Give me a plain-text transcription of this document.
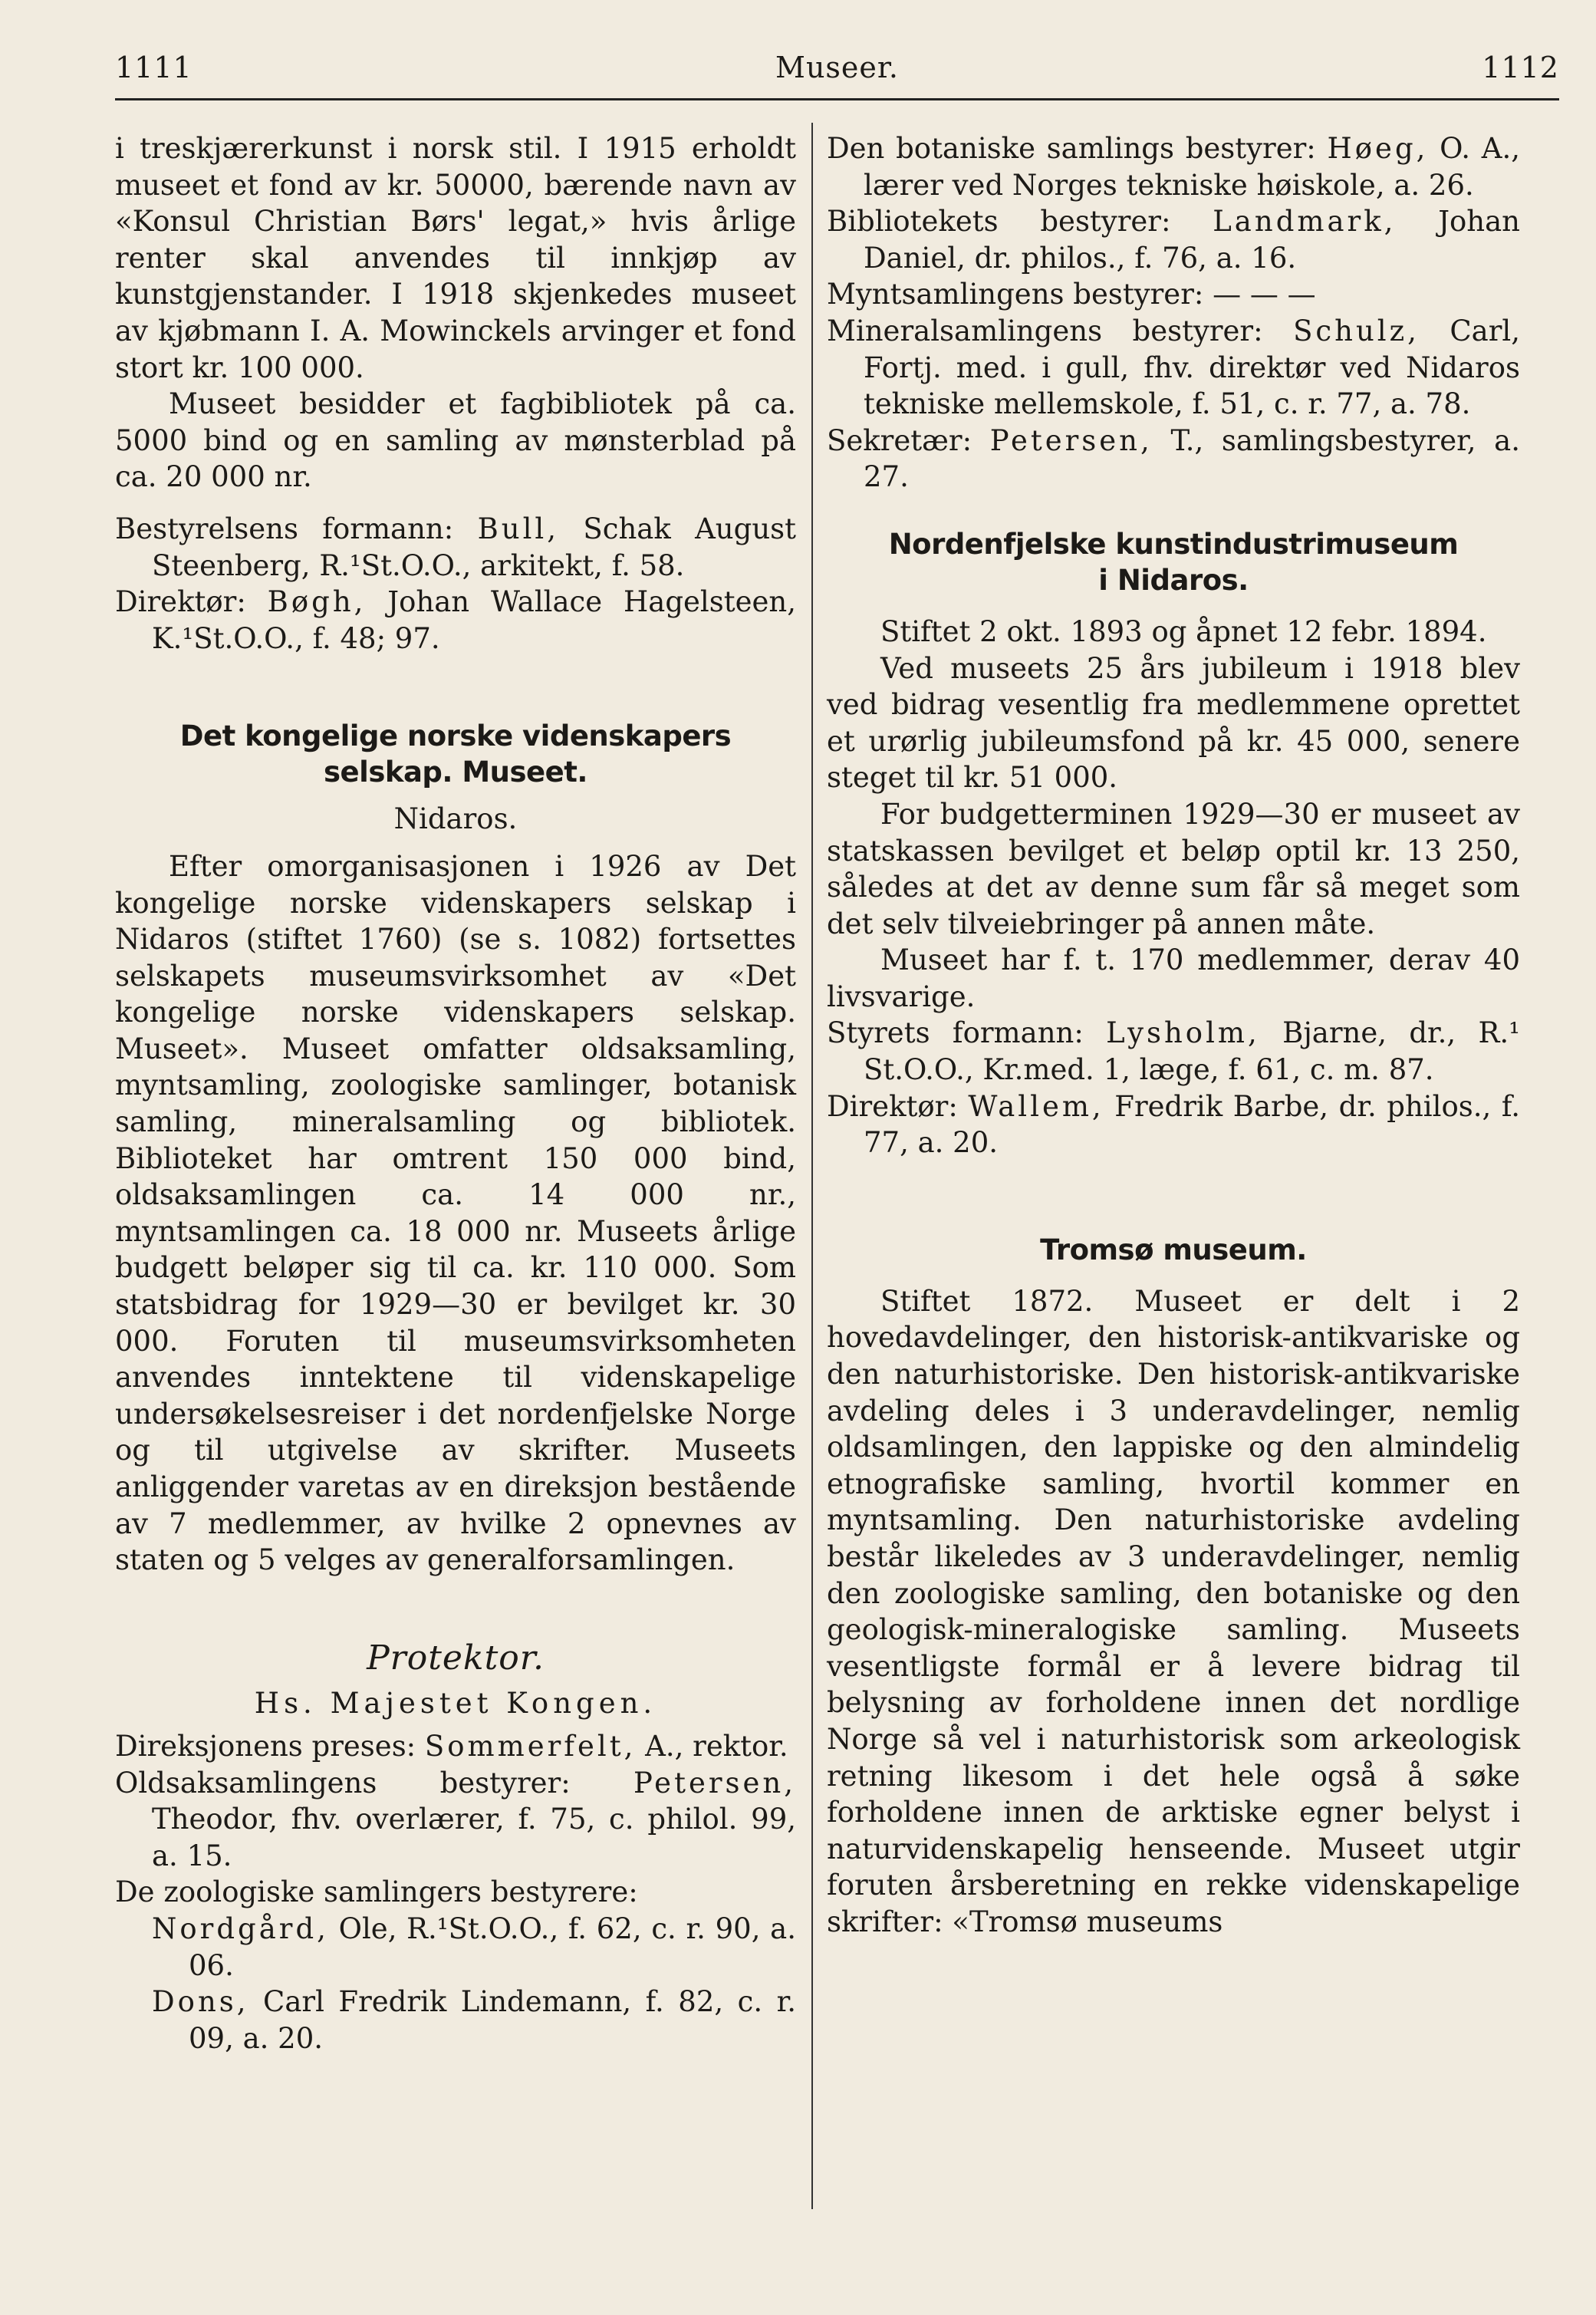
1111	Museer.	1112

i treskjærerkunst i norsk stil. I 1915 erholdt museet et fond av kr. 50000, bærende navn av «Konsul Christian Børs' legat,» hvis årlige renter skal anvendes til innkjøp av kunstgjenstander. I 1918 skjenkedes museet av kjøbmann I. A. Mowinckels arvinger et fond stort kr. 100 000.

Museet besidder et fagbibliotek på ca. 5000 bind og en samling av mønsterblad på ca. 20 000 nr.

Bestyrelsens formann: Bull, Schak August Steenberg, R.¹St.O.O., arkitekt, f. 58.

Direktør: Bøgh, Johan Wallace Hagelsteen, K.¹St.O.O., f. 48; 97.

Det kongelige norske videnskapers selskap. Museet.

Nidaros.

Efter omorganisasjonen i 1926 av Det kongelige norske videnskapers selskap i Nidaros (stiftet 1760) (se s. 1082) fortsettes selskapets museumsvirksomhet av «Det kongelige norske videnskapers selskap. Museet». Museet omfatter oldsaksamling, myntsamling, zoologiske samlinger, botanisk samling, mineralsamling og bibliotek. Biblioteket har omtrent 150 000 bind, oldsaksamlingen ca. 14 000 nr., myntsamlingen ca. 18 000 nr. Museets årlige budgett beløper sig til ca. kr. 110 000. Som statsbidrag for 1929—30 er bevilget kr. 30 000. Foruten til museumsvirksomheten anvendes inntektene til videnskapelige undersøkelsesreiser i det nordenfjelske Norge og til utgivelse av skrifter. Museets anliggender varetas av en direksjon bestående av 7 medlemmer, av hvilke 2 opnevnes av staten og 5 velges av generalforsamlingen.

Protektor.

Hs. Majestet Kongen.

Direksjonens preses: Sommerfelt, A., rektor.

Oldsaksamlingens bestyrer: Petersen, Theodor, fhv. overlærer, f. 75, c. philol. 99, a. 15.

De zoologiske samlingers bestyrere:

Nordgård, Ole, R.¹St.O.O., f. 62, c. r. 90, a. 06.

Dons, Carl Fredrik Lindemann, f. 82, c. r. 09, a. 20.

Den botaniske samlings bestyrer: Høeg, O. A., lærer ved Norges tekniske høiskole, a. 26.

Bibliotekets bestyrer: Landmark, Johan Daniel, dr. philos., f. 76, a. 16.

Myntsamlingens bestyrer: — — —

Mineralsamlingens bestyrer: Schulz, Carl, Fortj. med. i gull, fhv. direktør ved Nidaros tekniske mellemskole, f. 51, c. r. 77, a. 78.

Sekretær: Petersen, T., samlingsbestyrer, a. 27.

Nordenfjelske kunstindustrimuseum

i Nidaros.

Stiftet 2 okt. 1893 og åpnet 12 febr. 1894.

Ved museets 25 års jubileum i 1918 blev ved bidrag vesentlig fra medlemmene oprettet et urørlig jubileumsfond på kr. 45 000, senere steget til kr. 51 000.

For budgetterminen 1929—30 er museet av statskassen bevilget et beløp optil kr. 13 250, således at det av denne sum får så meget som det selv tilveiebringer på annen måte.

Museet har f. t. 170 medlemmer, derav 40 livsvarige.

Styrets formann: Lysholm, Bjarne, dr., R.¹ St.O.O., Kr.med. 1, læge, f. 61, c. m. 87.

Direktør: Wallem, Fredrik Barbe, dr. philos., f. 77, a. 20.

Tromsø museum.

Stiftet 1872. Museet er delt i 2 hovedavdelinger, den historisk-antikvariske og den naturhistoriske. Den historisk-antikvariske avdeling deles i 3 underavdelinger, nemlig oldsamlingen, den lappiske og den almindelig etnografiske samling, hvortil kommer en myntsamling. Den naturhistoriske avdeling består likeledes av 3 underavdelinger, nemlig den zoologiske samling, den botaniske og den geologisk-mineralogiske samling. Museets vesentligste formål er å levere bidrag til belysning av forholdene innen det nordlige Norge så vel i naturhistorisk som arkeologisk retning likesom i det hele også å søke forholdene innen de arktiske egner belyst i naturvidenskapelig henseende. Museet utgir foruten årsberetning en rekke videnskapelige skrifter: «Tromsø museums
